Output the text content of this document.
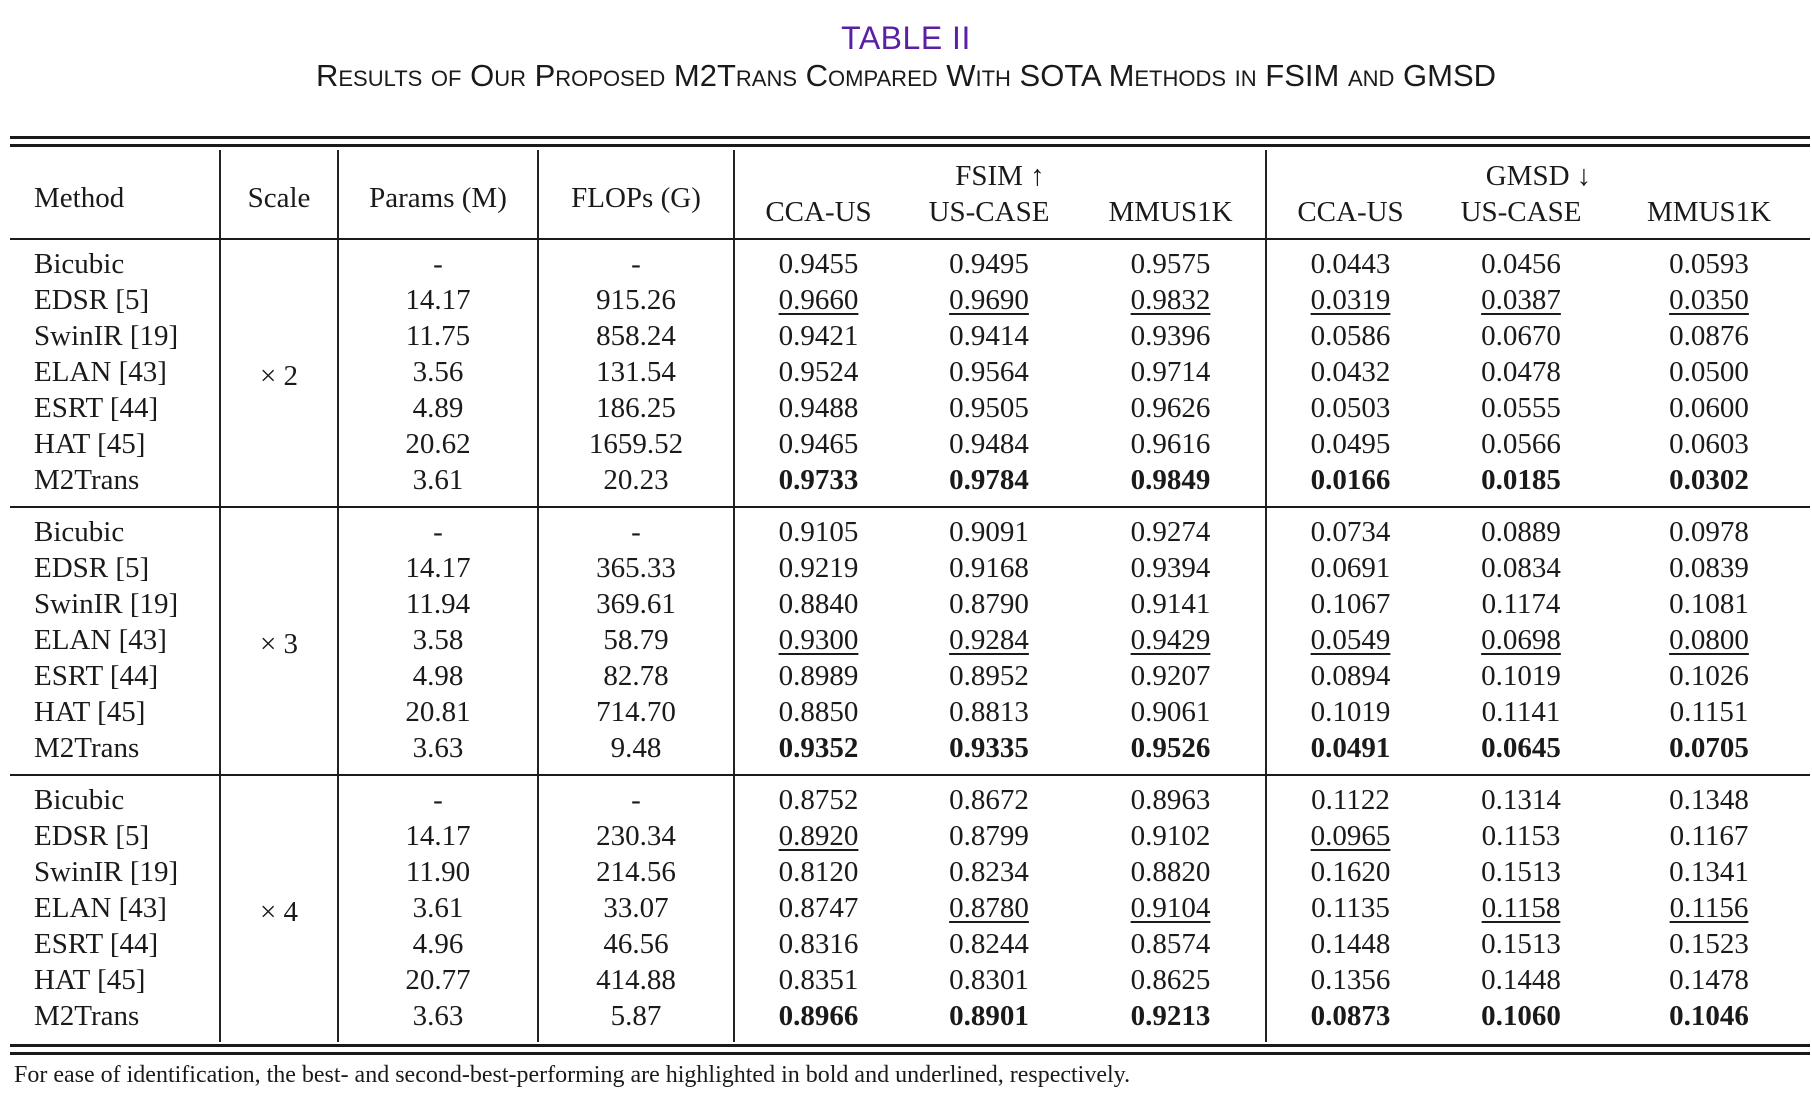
TABLE II
Results of Our Proposed M2Trans Compared With SOTA Methods in FSIM and GMSD
Method	Scale	Params (M)	FLOPs (G)	FSIM ↑			GMSD ↓		
				CCA-US	US-CASE	MMUS1K	CCA-US	US-CASE	MMUS1K
Bicubic	× 2	-	-	0.9455	0.9495	0.9575	0.0443	0.0456	0.0593
EDSR [5]		14.17	915.26	0.9660	0.9690	0.9832	0.0319	0.0387	0.0350
SwinIR [19]		11.75	858.24	0.9421	0.9414	0.9396	0.0586	0.0670	0.0876
ELAN [43]		3.56	131.54	0.9524	0.9564	0.9714	0.0432	0.0478	0.0500
ESRT [44]		4.89	186.25	0.9488	0.9505	0.9626	0.0503	0.0555	0.0600
HAT [45]		20.62	1659.52	0.9465	0.9484	0.9616	0.0495	0.0566	0.0603
M2Trans		3.61	20.23	0.9733	0.9784	0.9849	0.0166	0.0185	0.0302
Bicubic	× 3	-	-	0.9105	0.9091	0.9274	0.0734	0.0889	0.0978
EDSR [5]		14.17	365.33	0.9219	0.9168	0.9394	0.0691	0.0834	0.0839
SwinIR [19]		11.94	369.61	0.8840	0.8790	0.9141	0.1067	0.1174	0.1081
ELAN [43]		3.58	58.79	0.9300	0.9284	0.9429	0.0549	0.0698	0.0800
ESRT [44]		4.98	82.78	0.8989	0.8952	0.9207	0.0894	0.1019	0.1026
HAT [45]		20.81	714.70	0.8850	0.8813	0.9061	0.1019	0.1141	0.1151
M2Trans		3.63	9.48	0.9352	0.9335	0.9526	0.0491	0.0645	0.0705
Bicubic	× 4	-	-	0.8752	0.8672	0.8963	0.1122	0.1314	0.1348
EDSR [5]		14.17	230.34	0.8920	0.8799	0.9102	0.0965	0.1153	0.1167
SwinIR [19]		11.90	214.56	0.8120	0.8234	0.8820	0.1620	0.1513	0.1341
ELAN [43]		3.61	33.07	0.8747	0.8780	0.9104	0.1135	0.1158	0.1156
ESRT [44]		4.96	46.56	0.8316	0.8244	0.8574	0.1448	0.1513	0.1523
HAT [45]		20.77	414.88	0.8351	0.8301	0.8625	0.1356	0.1448	0.1478
M2Trans		3.63	5.87	0.8966	0.8901	0.9213	0.0873	0.1060	0.1046
For ease of identification, the best- and second-best-performing are highlighted in bold and underlined, respectively.
